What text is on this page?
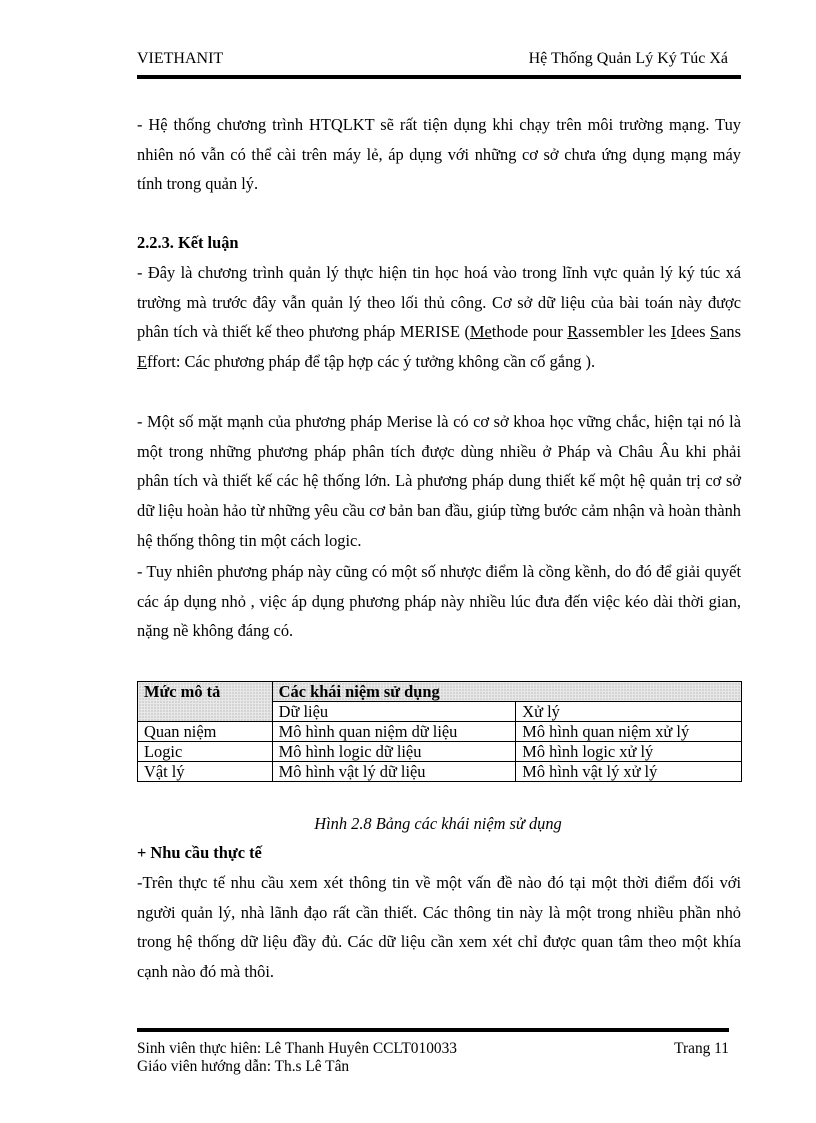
VIETHANIT	Hệ Thống Quản Lý Ký Túc Xá
- Hệ thống chương trình HTQLKT sẽ rất tiện dụng khi chạy trên môi trường mạng. Tuy nhiên nó vẫn có thể cài trên máy lẻ, áp dụng với những cơ sở chưa ứng dụng mạng máy tính trong quản lý.
2.2.3. Kết luận
- Đây là chương trình quản lý thực hiện tin học hoá vào trong lĩnh vực quản lý ký túc xá trường mà trước đây vẫn quản lý theo lối thủ công. Cơ sở dữ liệu của bài toán này được phân tích và thiết kế theo phương pháp MERISE (Methode pour Rassembler les Idees Sans Effort: Các phương pháp để tập hợp các ý tưởng không cần cố gắng ).
- Một số mặt mạnh của phương pháp Merise là có cơ sở khoa học vững chắc, hiện tại nó là một trong những phương pháp phân tích được dùng nhiều ở Pháp và Châu Âu khi phải phân tích và thiết kế các hệ thống lớn. Là phương pháp dung thiết kế một hệ quản trị cơ sở dữ liệu hoàn hảo từ những yêu cầu cơ bản ban đầu, giúp từng bước cảm nhận và hoàn thành hệ thống thông tin một cách logic.
- Tuy nhiên phương pháp này cũng có một số nhược điểm là cồng kềnh, do đó để giải quyết các áp dụng nhỏ , việc áp dụng phương pháp này nhiều lúc đưa đến việc kéo dài thời gian, nặng nề không đáng có.
Mức mô tả	Các khái niệm sử dụng	
	Dữ liệu	Xử lý
Quan niệm	Mô hình quan niệm dữ liệu	Mô hình quan niệm xử lý
Logic	Mô hình logic dữ liệu	Mô hình logic xử lý
Vật lý	Mô hình vật lý dữ liệu	Mô hình vật lý xử lý
Hình 2.8 Bảng các khái niệm sử dụng
+ Nhu cầu thực tế
-Trên thực tế nhu cầu xem xét thông tin về một vấn đề nào đó tại một thời điểm đối với người quản lý, nhà lãnh đạo rất cần thiết. Các thông tin này là một trong nhiều phần nhỏ trong hệ thống dữ liệu đầy đủ. Các dữ liệu cần xem xét chỉ được quan tâm theo một khía cạnh nào đó mà thôi.
Sinh viên thực hiên: Lê Thanh Huyên CCLT010033
Giáo viên hướng dẫn: Th.s Lê Tân
Trang 11
